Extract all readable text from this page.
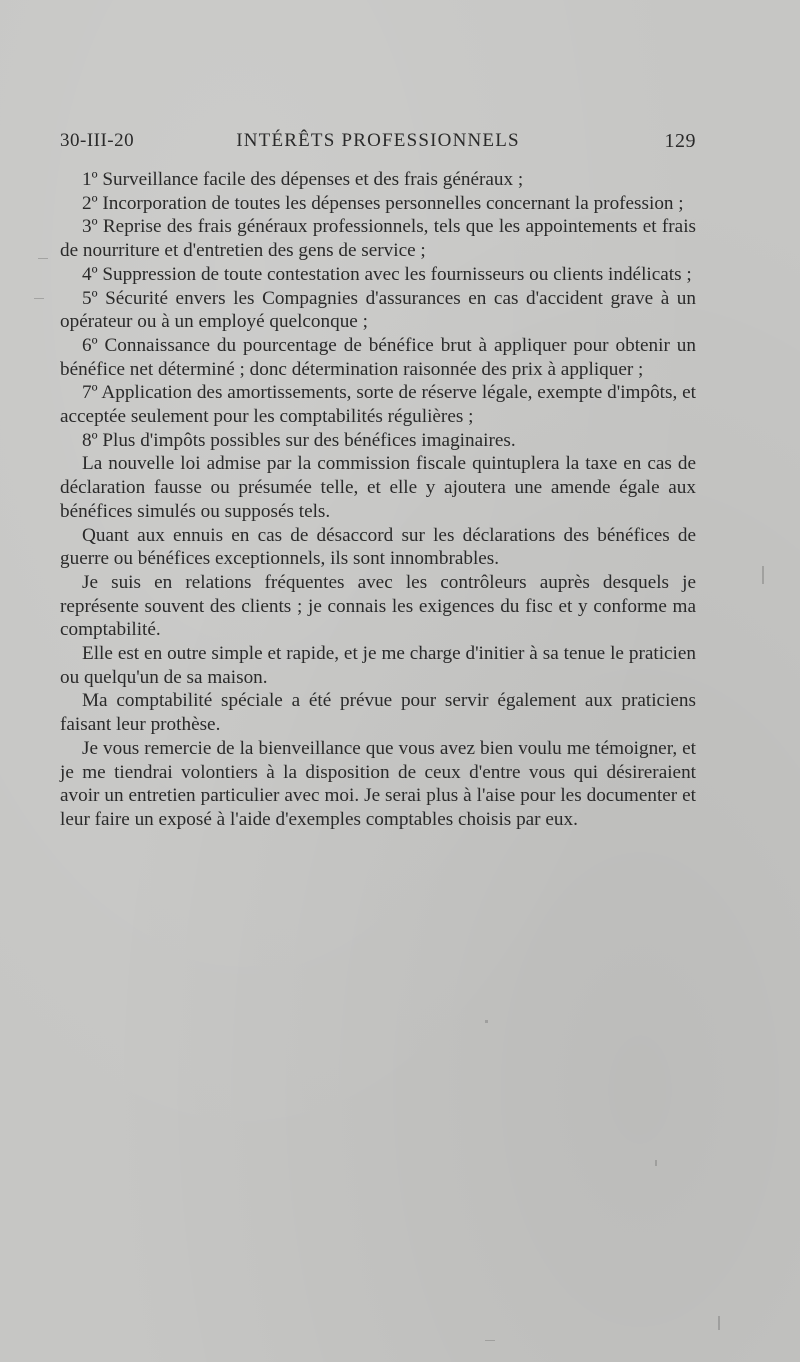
30-III-20	INTÉRÊTS PROFESSIONNELS	129

1º Surveillance facile des dépenses et des frais généraux ;

2º Incorporation de toutes les dépenses personnelles concernant la profession ;

3º Reprise des frais généraux professionnels, tels que les appointements et frais de nourriture et d'entretien des gens de service ;

4º Suppression de toute contestation avec les fournisseurs ou clients indélicats ;

5º Sécurité envers les Compagnies d'assurances en cas d'accident grave à un opérateur ou à un employé quelconque ;

6º Connaissance du pourcentage de bénéfice brut à appliquer pour obtenir un bénéfice net déterminé ; donc détermination raisonnée des prix à appliquer ;

7º Application des amortissements, sorte de réserve légale, exempte d'impôts, et acceptée seulement pour les comptabilités régulières ;

8º Plus d'impôts possibles sur des bénéfices imaginaires.

La nouvelle loi admise par la commission fiscale quintuplera la taxe en cas de déclaration fausse ou présumée telle, et elle y ajoutera une amende égale aux bénéfices simulés ou supposés tels.

Quant aux ennuis en cas de désaccord sur les déclarations des bénéfices de guerre ou bénéfices exceptionnels, ils sont innombrables.

Je suis en relations fréquentes avec les contrôleurs auprès desquels je représente souvent des clients ; je connais les exigences du fisc et y conforme ma comptabilité.

Elle est en outre simple et rapide, et je me charge d'initier à sa tenue le praticien ou quelqu'un de sa maison.

Ma comptabilité spéciale a été prévue pour servir également aux praticiens faisant leur prothèse.

Je vous remercie de la bienveillance que vous avez bien voulu me témoigner, et je me tiendrai volontiers à la disposition de ceux d'entre vous qui désireraient avoir un entretien particulier avec moi. Je serai plus à l'aise pour les documenter et leur faire un exposé à l'aide d'exemples comptables choisis par eux.
